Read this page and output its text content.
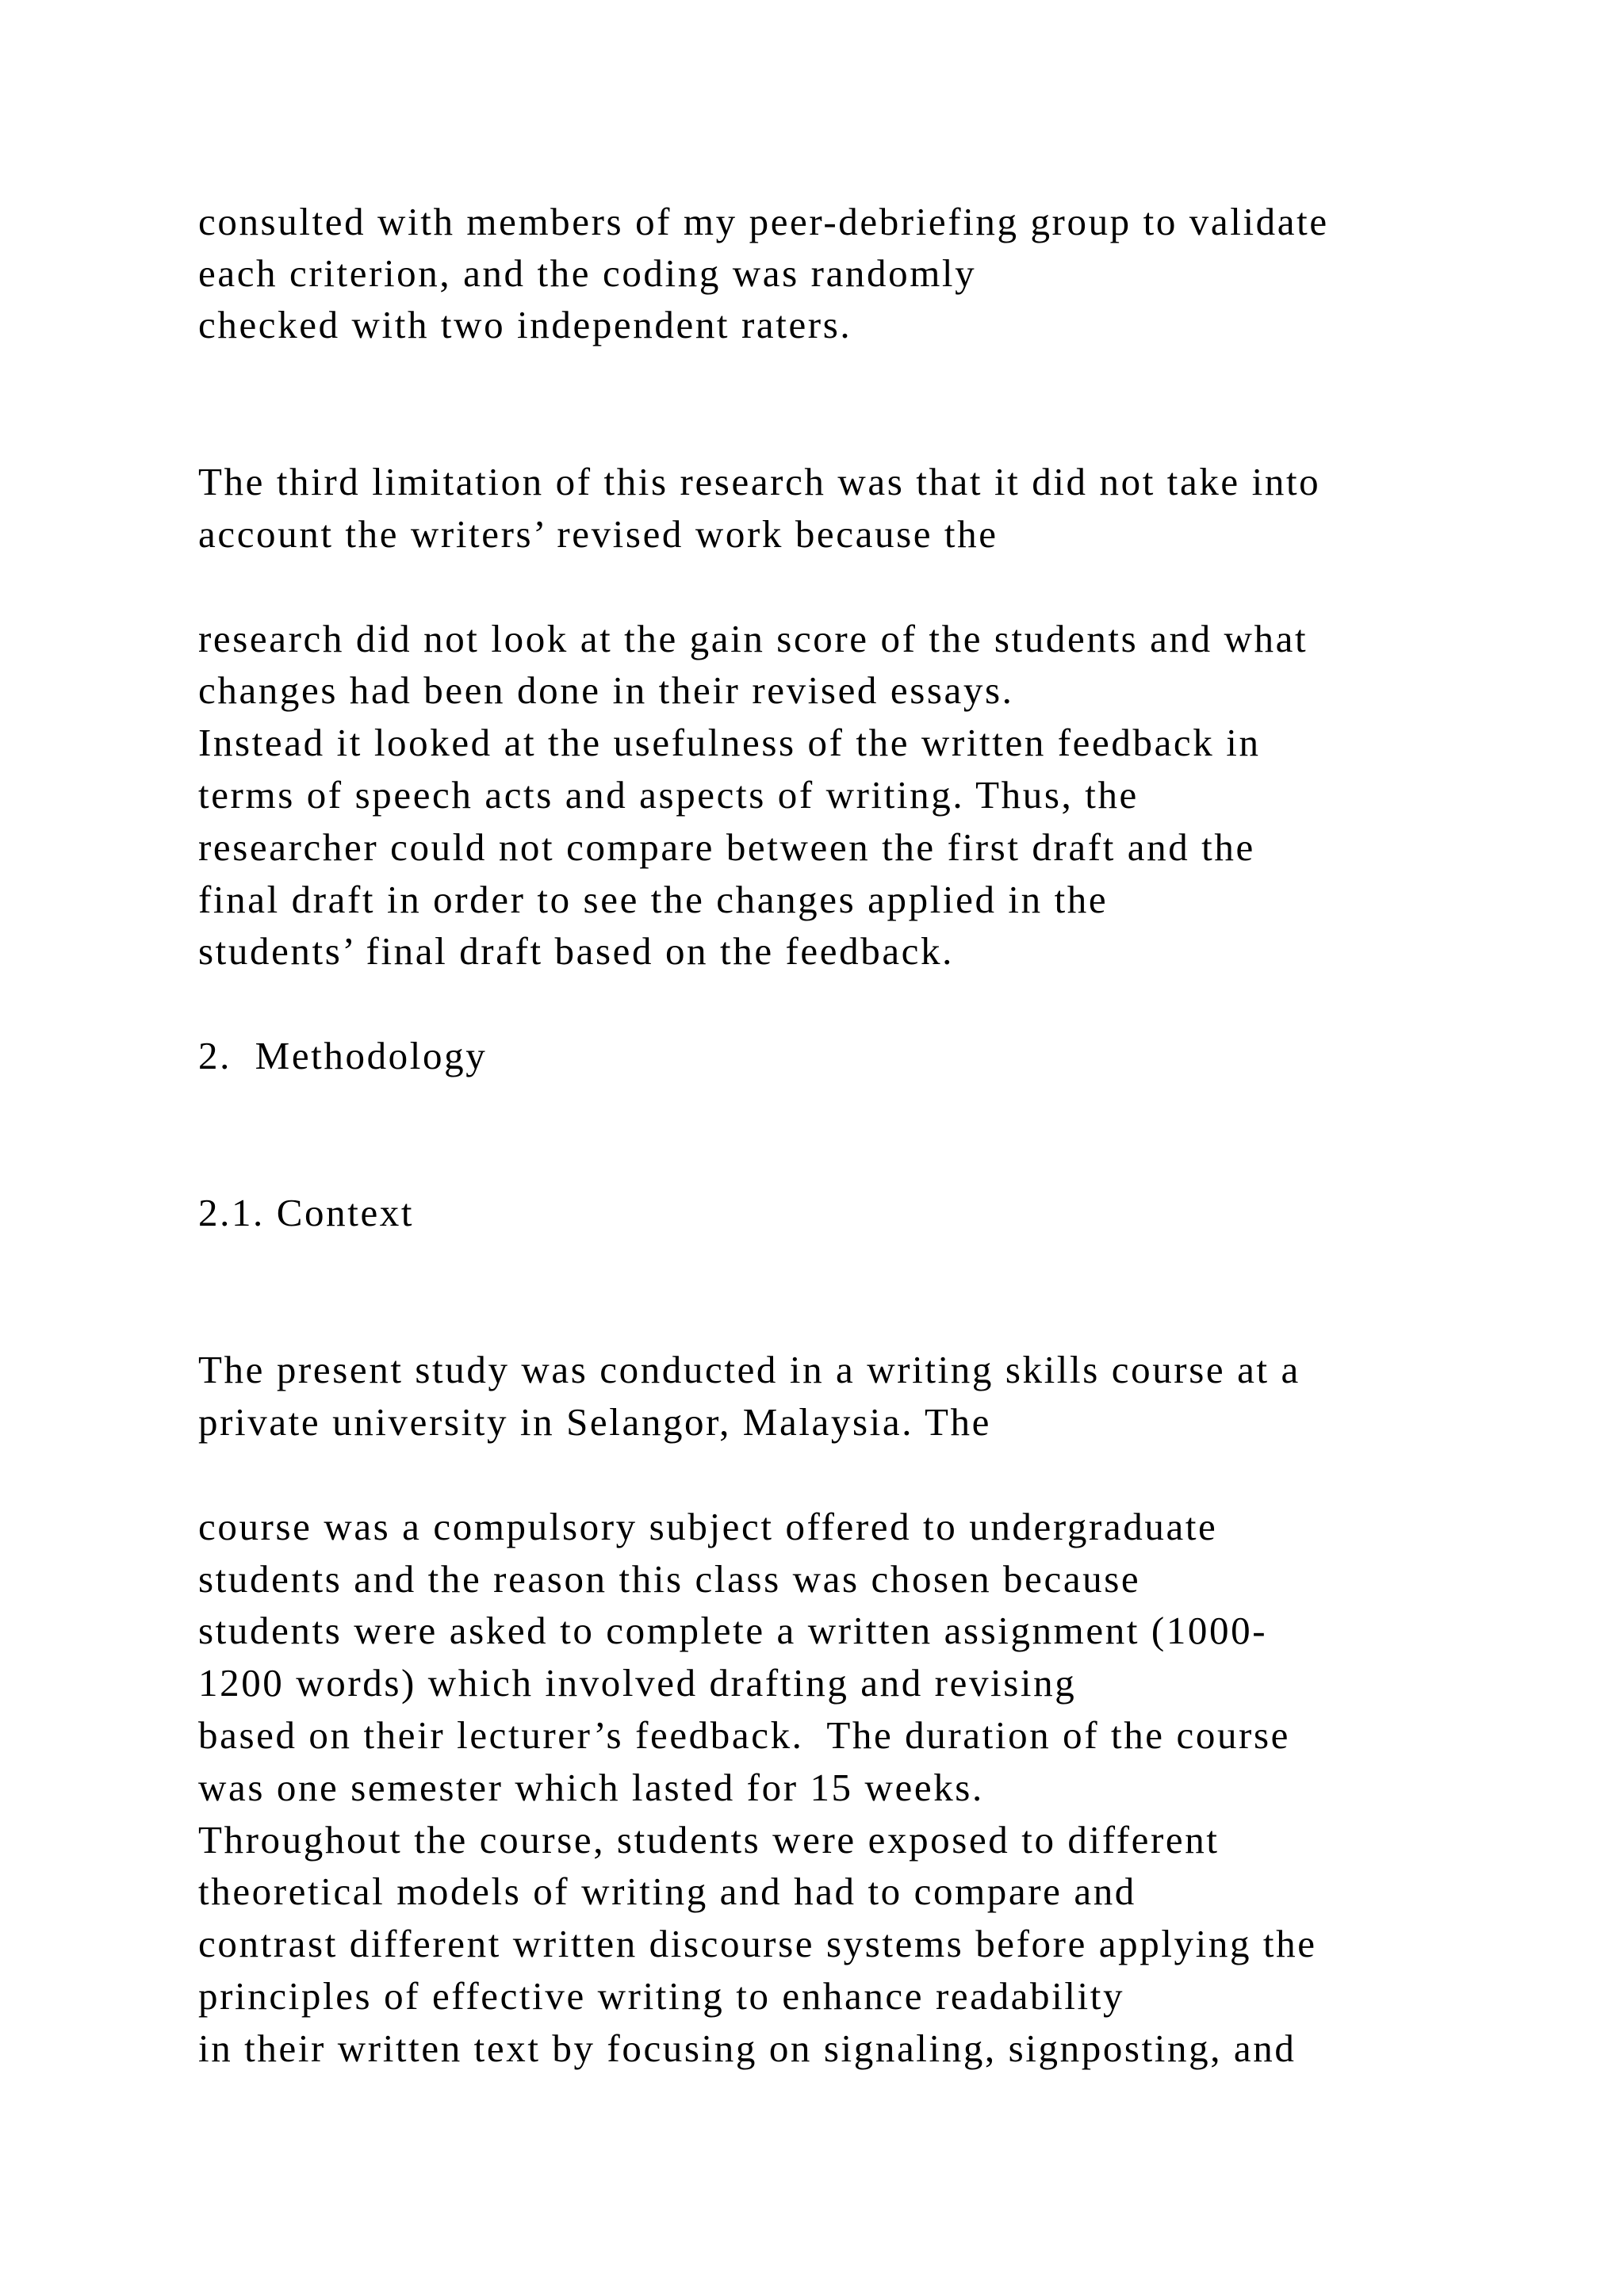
consulted with members of my peer-debriefing group to validate

each criterion, and the coding was randomly

checked with two independent raters.

The third limitation of this research was that it did not take into

account the writers’ revised work because the

research did not look at the gain score of the students and what

changes had been done in their revised essays.

Instead it looked at the usefulness of the written feedback in

terms of speech acts and aspects of writing. Thus, the

researcher could not compare between the first draft and the

final draft in order to see the changes applied in the

students’ final draft based on the feedback.

2.  Methodology

2.1. Context

The present study was conducted in a writing skills course at a

private university in Selangor, Malaysia. The

course was a compulsory subject offered to undergraduate

students and the reason this class was chosen because

students were asked to complete a written assignment (1000-

1200 words) which involved drafting and revising

based on their lecturer’s feedback.  The duration of the course

was one semester which lasted for 15 weeks.

Throughout the course, students were exposed to different

theoretical models of writing and had to compare and

contrast different written discourse systems before applying the

principles of effective writing to enhance readability

in their written text by focusing on signaling, signposting, and
